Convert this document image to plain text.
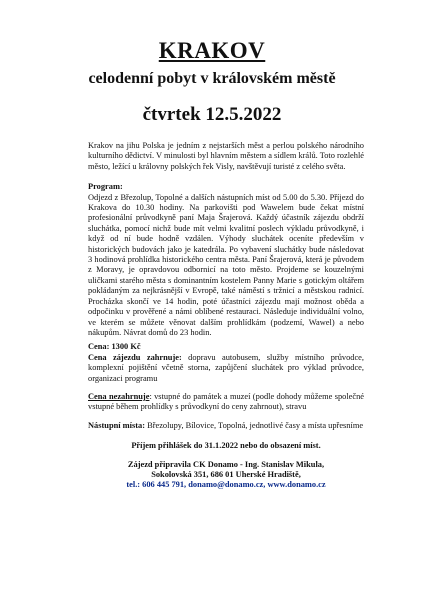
KRAKOV
celodenní pobyt v královském městě
čtvrtek 12.5.2022

Krakov na jihu Polska je jedním z nejstarších měst a perlou polského národního kulturního dědictví. V minulosti byl hlavním městem a sídlem králů. Toto rozlehlé město, ležící u královny polských řek Visly, navštěvují turisté z celého světa.

Program:

Odjezd z Březolup, Topolné a dalších nástupních míst od 5.00 do 5.30. Příjezd do Krakova do 10.30 hodiny. Na parkovišti pod Wawelem bude čekat místní profesionální průvodkyně paní Maja Šrajerová. Každý účastník zájezdu obdrží sluchátka, pomocí nichž bude mít velmi kvalitní poslech výkladu průvodkyně, i když od ní bude hodně vzdálen. Výhody sluchátek oceníte především v historických budovách jako je katedrála. Po vybavení sluchátky bude následovat 3 hodinová prohlídka historického centra města. Paní Šrajerová, která je původem z Moravy, je opravdovou odbornicí na toto město. Projdeme se kouzelnými uličkami starého města s dominantním kostelem Panny Marie s gotickým oltářem pokládaným za nejkrásnější v Evropě, také náměstí s tržnicí a městskou radnicí. Procházka skončí ve 14 hodin, poté účastníci zájezdu mají možnost oběda a odpočinku v prověřené a námi oblíbené restauraci. Následuje individuální volno, ve kterém se můžete věnovat dalším prohlídkám (podzemí, Wawel) a nebo nákupům. Návrat domů do 23 hodin.

Cena: 1300 Kč

Cena zájezdu zahrnuje: dopravu autobusem, služby místního průvodce, komplexní pojištění včetně storna, zapůjčení sluchátek pro výklad průvodce, organizaci programu

Cena nezahrnuje: vstupné do památek a muzeí (podle dohody můžeme společné vstupné během prohlídky s průvodkyní do ceny zahrnout), stravu

Nástupní místa: Březolupy, Bílovice, Topolná, jednotlivé časy a místa upřesníme

Příjem přihlášek do 31.1.2022 nebo do obsazení míst.

Zájezd připravila CK Donamo - Ing. Stanislav Mikula,

Sokolovská 351, 686 01 Uherské Hradiště,

tel.: 606 445 791, donamo@donamo.cz, www.donamo.cz
